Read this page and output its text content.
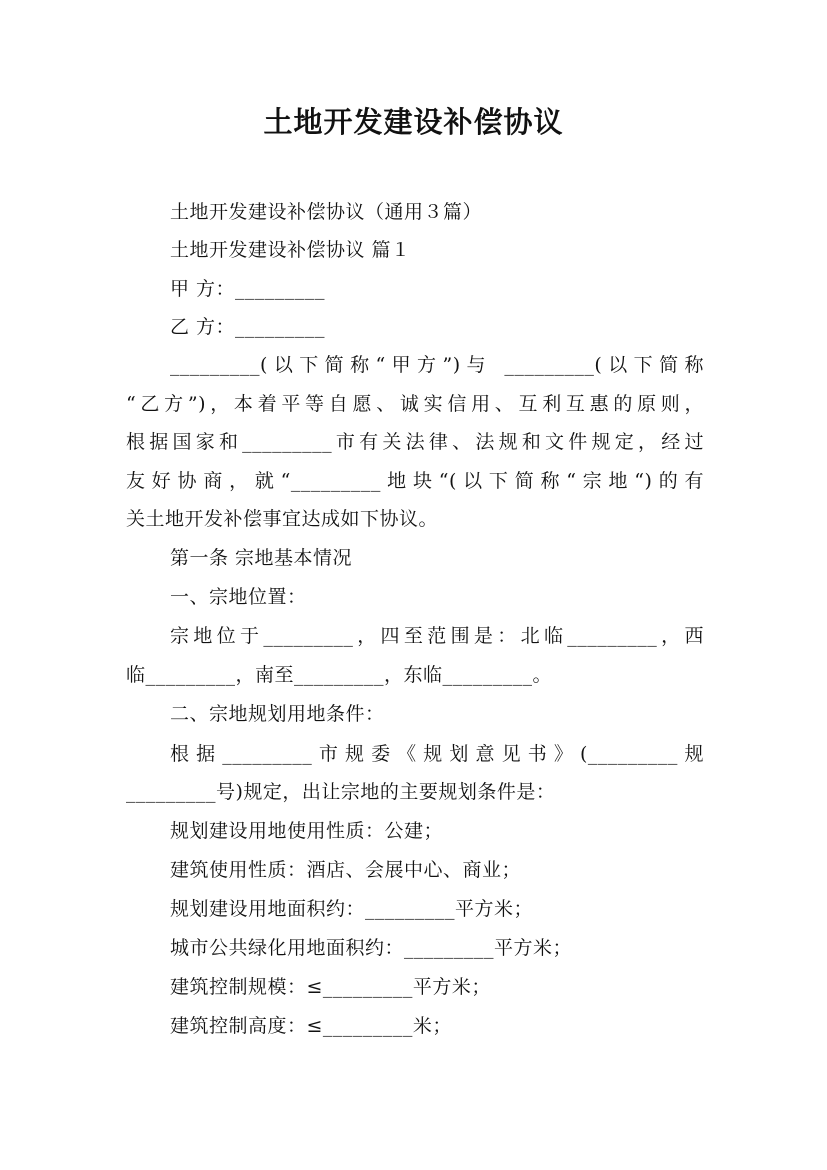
土地开发建设补偿协议
土地开发建设补偿协议（通用３篇）
土地开发建设补偿协议 篇１
甲 方：_________
乙 方：_________
_________(以下简称“甲方”)与 _________(以下简称
“乙方”)，本着平等自愿、诚实信用、互利互惠的原则，
根据国家和_________市有关法律、法规和文件规定，经过
友好协商，就“_________地块“(以下简称“宗地“)的有
关土地开发补偿事宜达成如下协议。
第一条 宗地基本情况
一、宗地位置：
宗地位于_________，四至范围是：北临_________，西
临_________，南至_________，东临_________。
二、宗地规划用地条件：
根据_________市规委《规划意见书》(_________规
_________号)规定，出让宗地的主要规划条件是：
规划建设用地使用性质：公建；
建筑使用性质：酒店、会展中心、商业；
规划建设用地面积约：_________平方米；
城市公共绿化用地面积约：_________平方米；
建筑控制规模：≤_________平方米；
建筑控制高度：≤_________米；
